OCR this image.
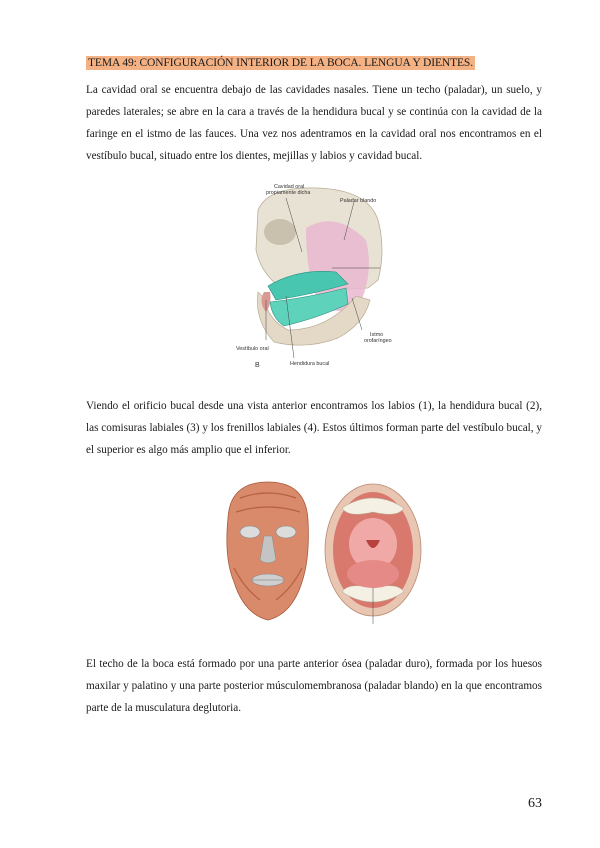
TEMA 49: CONFIGURACIÓN INTERIOR DE LA BOCA. LENGUA Y DIENTES.

La cavidad oral se encuentra debajo de las cavidades nasales. Tiene un techo (paladar), un suelo, y paredes laterales; se abre en la cara a través de la hendidura bucal y se continúa con la cavidad de la faringe en el istmo de las fauces. Una vez nos adentramos en la cavidad oral nos encontramos en el vestíbulo bucal, situado entre los dientes, mejillas y labios y cavidad bucal.

Cavidad oral
propiamente dicha
Paladar blando
Vestíbulo oral
Istmo
orofaríngeo
Hendidura bucal
B

Viendo el orificio bucal desde una vista anterior encontramos los labios (1), la hendidura bucal (2), las comisuras labiales (3) y los frenillos labiales (4). Estos últimos forman parte del vestíbulo bucal, y el superior es algo más amplio que el inferior.

El techo de la boca está formado por una parte anterior ósea (paladar duro), formada por los huesos maxilar y palatino y una parte posterior músculomembranosa (paladar blando) en la que encontramos parte de la musculatura deglutoria.

63
